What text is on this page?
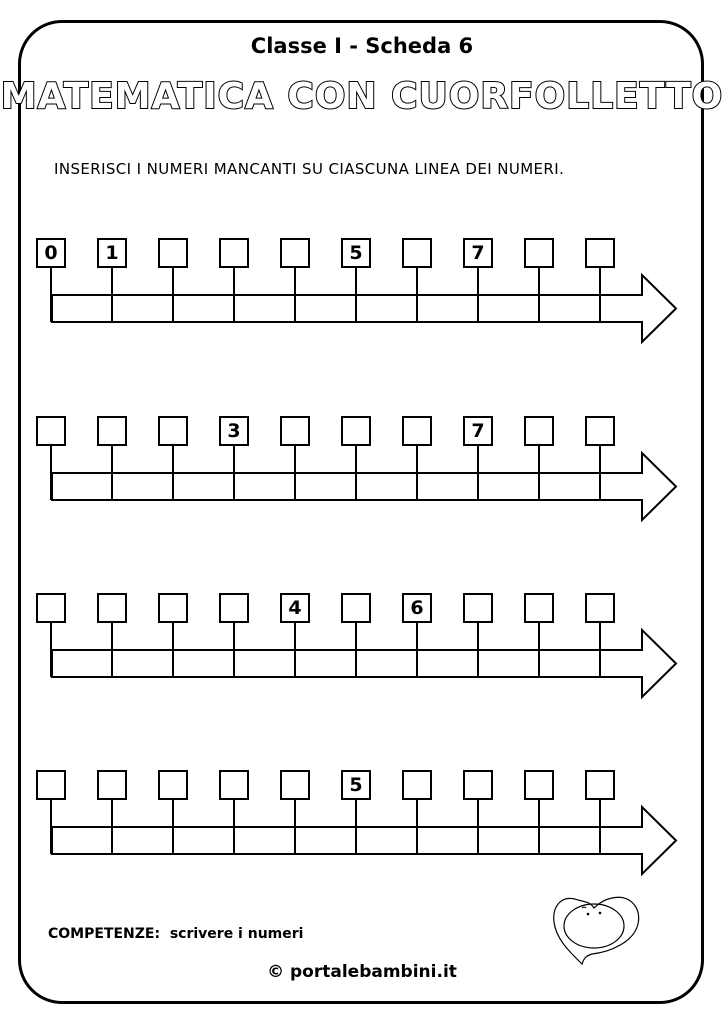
Classe I - Scheda 6
MATEMATICA CON CUORFOLLETTO
INSERISCI I NUMERI MANCANTI SU CIASCUNA LINEA DEI NUMERI.
0	1	5	7
3	7
4	6
5
COMPETENZE: scrivere i numeri
© portalebambini.it
